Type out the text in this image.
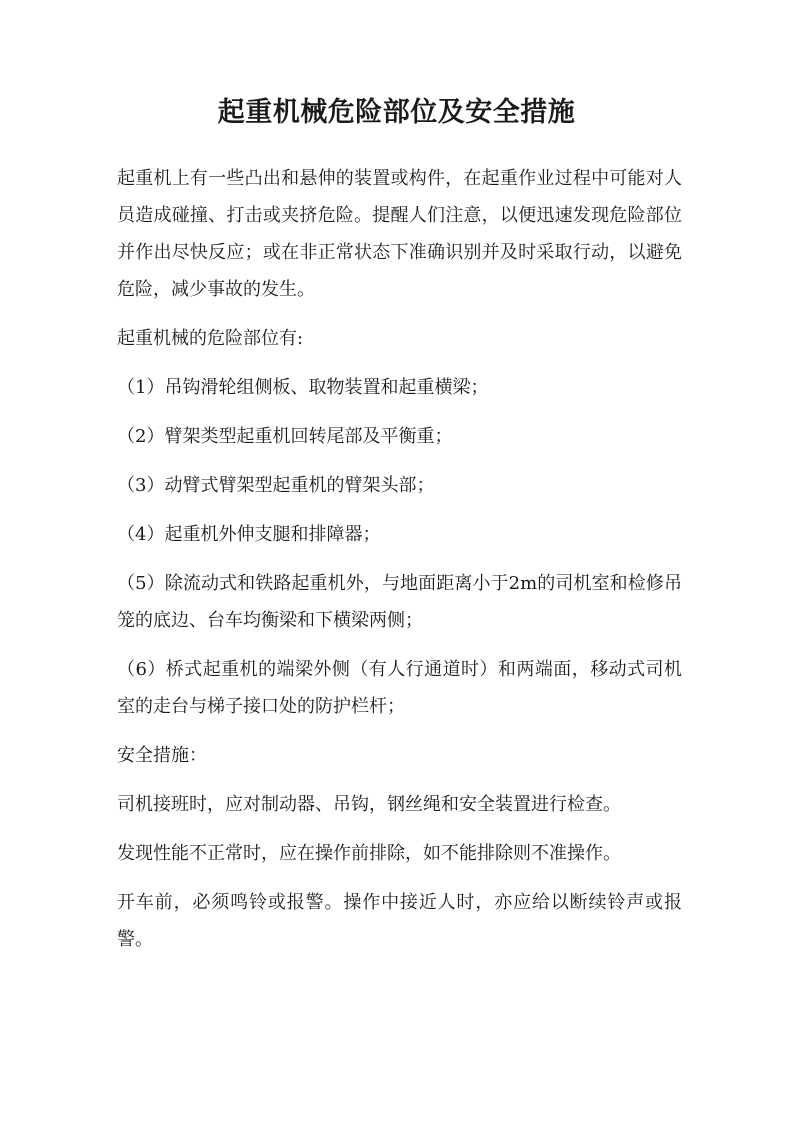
起重机械危险部位及安全措施

起重机上有一些凸出和悬伸的装置或构件，在起重作业过程中可能对人员造成碰撞、打击或夹挤危险。提醒人们注意，以便迅速发现危险部位并作出尽快反应；或在非正常状态下准确识别并及时采取行动，以避免危险，减少事故的发生。

起重机械的危险部位有:

（1）吊钩滑轮组侧板、取物装置和起重横梁；

（2）臂架类型起重机回转尾部及平衡重；

（3）动臂式臂架型起重机的臂架头部；

（4）起重机外伸支腿和排障器；

（5）除流动式和铁路起重机外，与地面距离小于2m的司机室和检修吊笼的底边、台车均衡梁和下横梁两侧；

（6）桥式起重机的端梁外侧（有人行通道时）和两端面，移动式司机室的走台与梯子接口处的防护栏杆；

安全措施：

司机接班时，应对制动器、吊钩，钢丝绳和安全装置进行检查。

发现性能不正常时，应在操作前排除，如不能排除则不准操作。

开车前，必须鸣铃或报警。操作中接近人时，亦应给以断续铃声或报警。
